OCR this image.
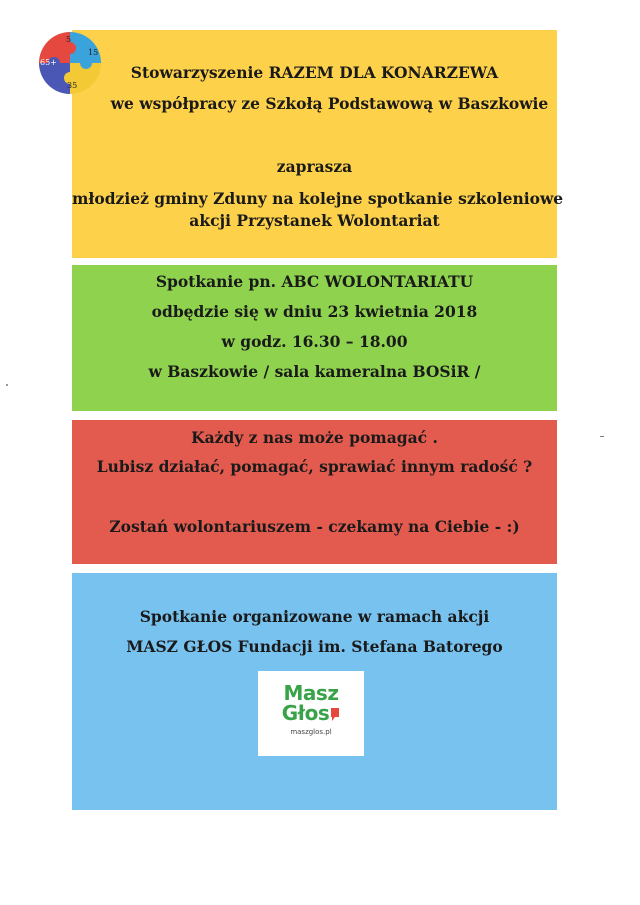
Stowarzyszenie RAZEM DLA KONARZEWA
we współpracy ze Szkołą Podstawową w Baszkowie
zaprasza
młodzież gminy Zduny na kolejne spotkanie szkoleniowe
akcji Przystanek Wolontariat
5
65+
15
35
Spotkanie pn. ABC WOLONTARIATU
odbędzie się w dniu 23 kwietnia 2018
w godz. 16.30 – 18.00
w Baszkowie / sala kameralna BOSiR /
Każdy z nas może pomagać .
Lubisz działać, pomagać, sprawiać innym radość ?
Zostań wolontariuszem - czekamy na Ciebie - :)
Spotkanie organizowane w ramach akcji
MASZ GŁOS Fundacji im. Stefana Batorego
Masz
Głos
maszglos.pl
